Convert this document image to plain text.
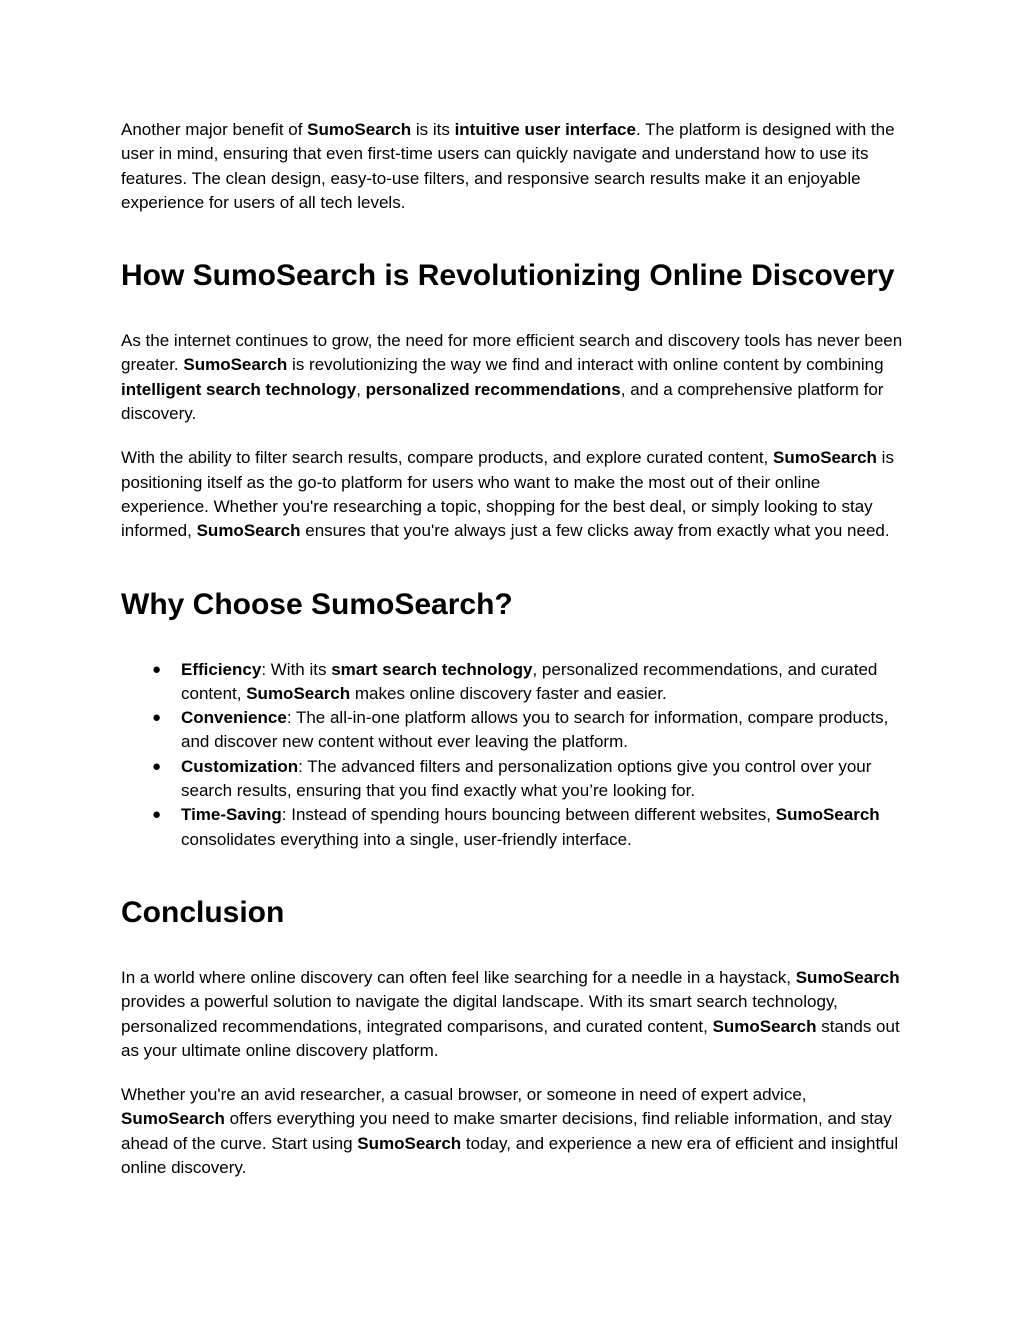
Another major benefit of SumoSearch is its intuitive user interface. The platform is designed with the user in mind, ensuring that even first-time users can quickly navigate and understand how to use its features. The clean design, easy-to-use filters, and responsive search results make it an enjoyable experience for users of all tech levels.

How SumoSearch is Revolutionizing Online Discovery

As the internet continues to grow, the need for more efficient search and discovery tools has never been greater. SumoSearch is revolutionizing the way we find and interact with online content by combining intelligent search technology, personalized recommendations, and a comprehensive platform for discovery.

With the ability to filter search results, compare products, and explore curated content, SumoSearch is positioning itself as the go-to platform for users who want to make the most out of their online experience. Whether you're researching a topic, shopping for the best deal, or simply looking to stay informed, SumoSearch ensures that you're always just a few clicks away from exactly what you need.

Why Choose SumoSearch?
● Efficiency: With its smart search technology, personalized recommendations, and curated content, SumoSearch makes online discovery faster and easier.
● Convenience: The all-in-one platform allows you to search for information, compare products, and discover new content without ever leaving the platform.
● Customization: The advanced filters and personalization options give you control over your search results, ensuring that you find exactly what you’re looking for.
● Time-Saving: Instead of spending hours bouncing between different websites, SumoSearch consolidates everything into a single, user-friendly interface.
Conclusion

In a world where online discovery can often feel like searching for a needle in a haystack, SumoSearch provides a powerful solution to navigate the digital landscape. With its smart search technology, personalized recommendations, integrated comparisons, and curated content, SumoSearch stands out as your ultimate online discovery platform.

Whether you're an avid researcher, a casual browser, or someone in need of expert advice, SumoSearch offers everything you need to make smarter decisions, find reliable information, and stay ahead of the curve. Start using SumoSearch today, and experience a new era of efficient and insightful online discovery.
